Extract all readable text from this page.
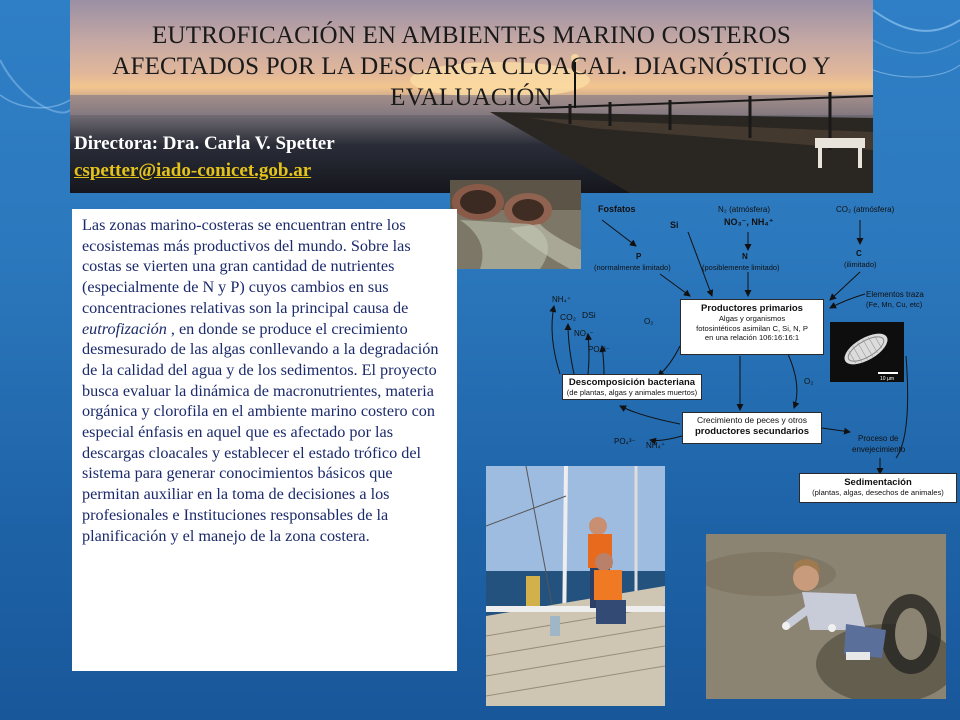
EUTROFICACIÓN EN AMBIENTES MARINO COSTEROS AFECTADOS POR LA DESCARGA CLOACAL. DIAGNÓSTICO Y EVALUACIÓN
Directora: Dra. Carla V. Spetter
cspetter@iado-conicet.gob.ar

Las zonas marino-costeras se encuentran entre los ecosistemas más productivos del mundo. Sobre las costas se vierten una gran cantidad de nutrientes (especialmente de N y P) cuyos cambios en sus concentraciones relativas son la principal causa de eutrofización , en donde se produce el crecimiento desmesurado de las algas conllevando a la degradación de la calidad del agua y de los sedimentos. El proyecto busca evaluar la dinámica de macronutrientes, materia orgánica y clorofila en el ambiente marino costero con especial énfasis en aquel que es afectado por las descargas cloacales y establecer el estado trófico del sistema para generar conocimientos básicos que permitan auxiliar en la toma de decisiones a los profesionales e Instituciones responsables de la planificación y el manejo de la zona costera.

Fosfatos
Si
N₂ (atmósfera)
NO₃⁻, NH₄⁺
CO₂ (atmósfera)
P
(normalmente limitado)
N
(posiblemente limitado)
C
(ilimitado)
Elementos traza
(Fe, Mn, Cu, etc)
NH₄⁺
CO₂ DSi
NO₃⁻
PO₄³⁻
O₂
O₂
PO₄³⁻ NH₄⁺
Proceso de
envejecimiento
Productores primarios
Algas y organismos
fotosintéticos asimilan C, Si, N, P
en una relación 106:16:16:1
Descomposición bacteriana
(de plantas, algas y animales muertos)
Crecimiento de peces y otros
productores secundarios
Sedimentación
(plantas, algas, desechos de animales)
10 µm
